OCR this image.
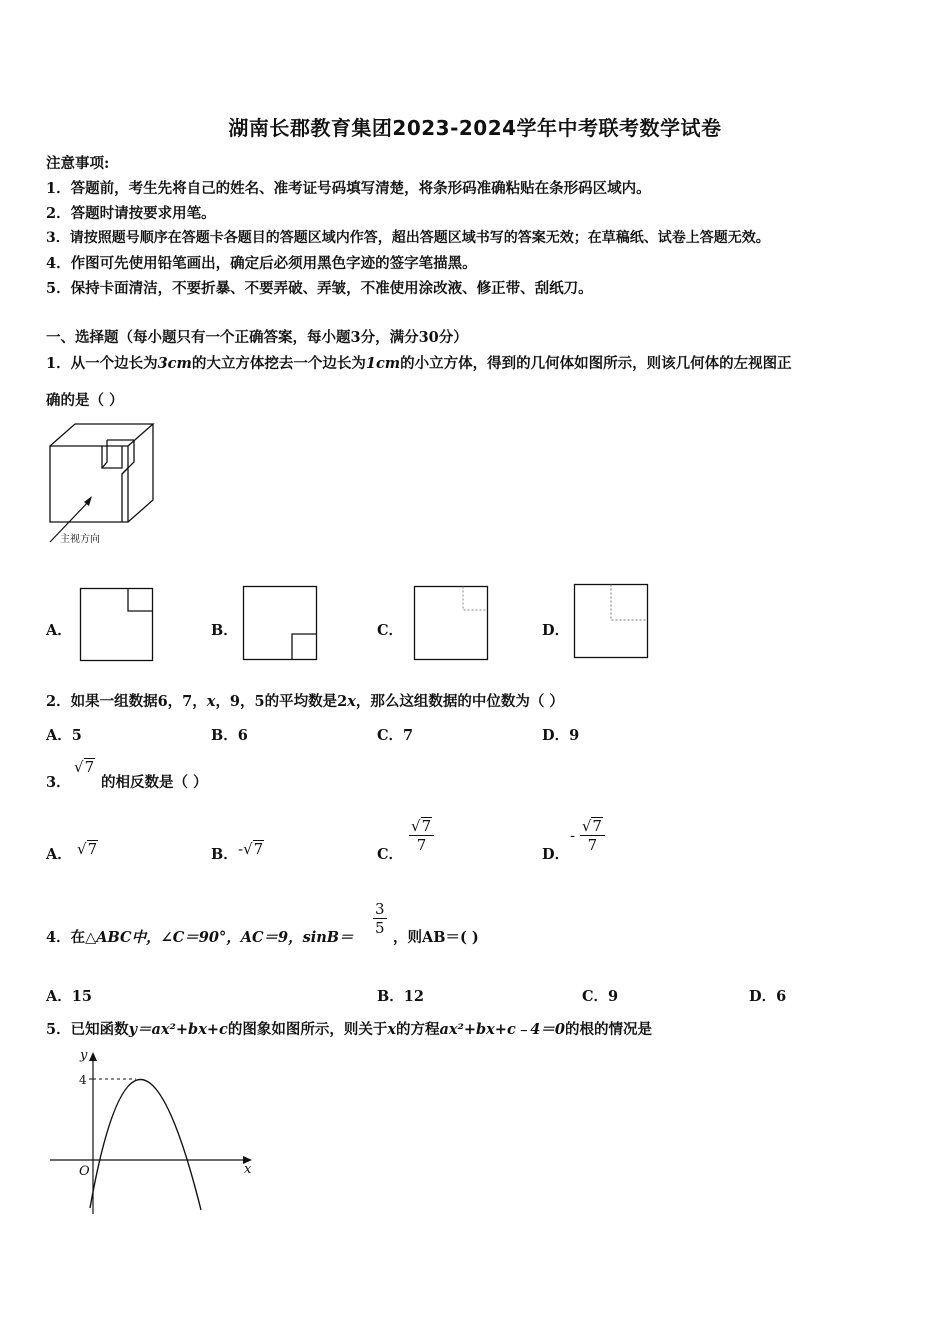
湖南长郡教育集团2023-2024学年中考联考数学试卷
注意事项:
1．答题前，考生先将自己的姓名、准考证号码填写清楚，将条形码准确粘贴在条形码区域内。
2．答题时请按要求用笔。
3．请按照题号顺序在答题卡各题目的答题区域内作答，超出答题区域书写的答案无效；在草稿纸、试卷上答题无效。
4．作图可先使用铅笔画出，确定后必须用黑色字迹的签字笔描黑。
5．保持卡面清洁，不要折暴、不要弄破、弄皱，不准使用涂改液、修正带、刮纸刀。
一、选择题（每小题只有一个正确答案，每小题3分，满分30分）
1．从一个边长为3cm的大立方体挖去一个边长为1cm的小立方体，得到的几何体如图所示，则该几何体的左视图正
确的是（ ）
主视方向
A．	B．	C．	D．
2．如果一组数据6，7，x，9，5的平均数是2x，那么这组数据的中位数为（ ）
A．5	B．6	C．7	D．9
3．
√7
的相反数是（ ）
A． √7	B． -√7	C．
$\frac{√7}{7}$
D．
- $\frac{√7}{7}$
4．在△ABC中，∠C＝90°，AC＝9，sinB＝
$\frac{3}{5}$
，则AB＝( )
A．15	B．12	C．9	D．6
5．已知函数y＝ax²+bx+c的图象如图所示，则关于x的方程ax²+bx+c﹣4＝0的根的情况是
y
x
O
4
